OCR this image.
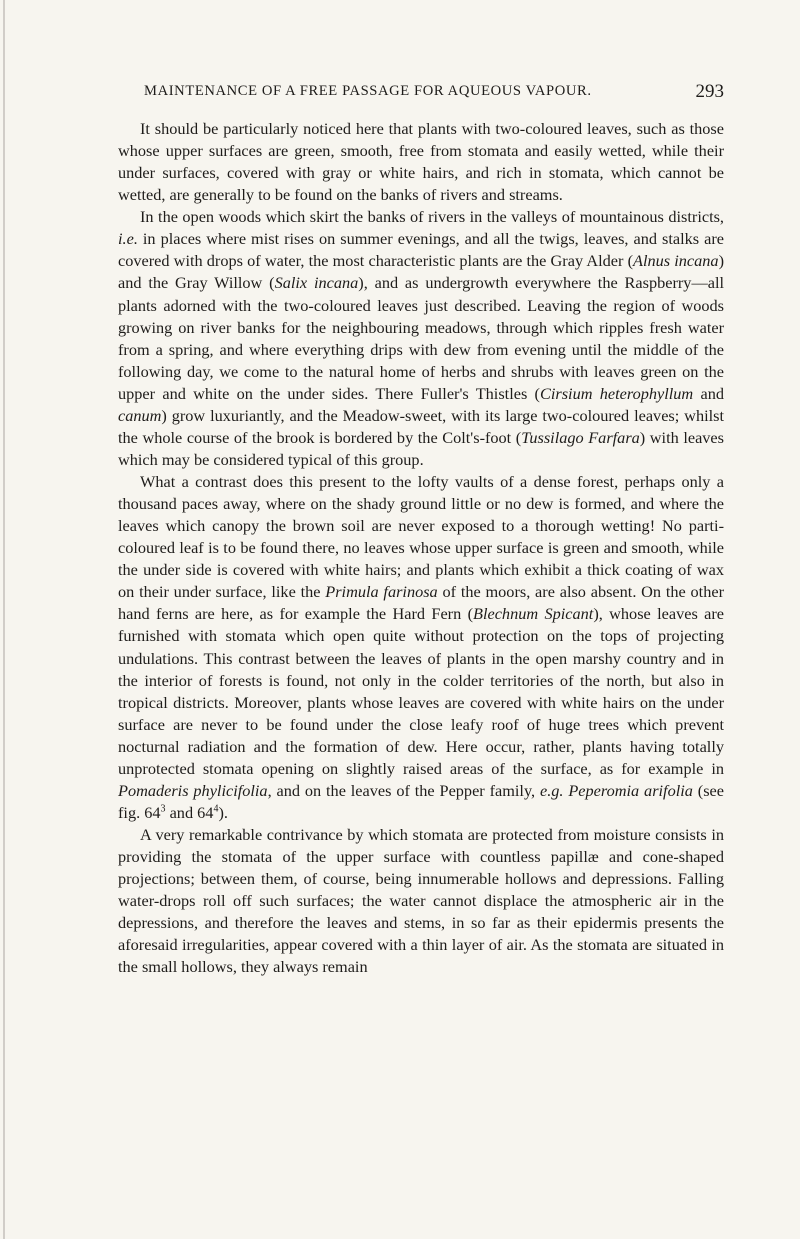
MAINTENANCE OF A FREE PASSAGE FOR AQUEOUS VAPOUR.	293

It should be particularly noticed here that plants with two-coloured leaves, such as those whose upper surfaces are green, smooth, free from stomata and easily wetted, while their under surfaces, covered with gray or white hairs, and rich in stomata, which cannot be wetted, are generally to be found on the banks of rivers and streams.

In the open woods which skirt the banks of rivers in the valleys of mountainous districts, i.e. in places where mist rises on summer evenings, and all the twigs, leaves, and stalks are covered with drops of water, the most characteristic plants are the Gray Alder (Alnus incana) and the Gray Willow (Salix incana), and as undergrowth everywhere the Raspberry—all plants adorned with the two-coloured leaves just described. Leaving the region of woods growing on river banks for the neighbouring meadows, through which ripples fresh water from a spring, and where everything drips with dew from evening until the middle of the following day, we come to the natural home of herbs and shrubs with leaves green on the upper and white on the under sides. There Fuller's Thistles (Cirsium heterophyllum and canum) grow luxuriantly, and the Meadow-sweet, with its large two-coloured leaves; whilst the whole course of the brook is bordered by the Colt's-foot (Tussilago Farfara) with leaves which may be considered typical of this group.

What a contrast does this present to the lofty vaults of a dense forest, perhaps only a thousand paces away, where on the shady ground little or no dew is formed, and where the leaves which canopy the brown soil are never exposed to a thorough wetting! No parti-coloured leaf is to be found there, no leaves whose upper surface is green and smooth, while the under side is covered with white hairs; and plants which exhibit a thick coating of wax on their under surface, like the Primula farinosa of the moors, are also absent. On the other hand ferns are here, as for example the Hard Fern (Blechnum Spicant), whose leaves are furnished with stomata which open quite without protection on the tops of projecting undulations. This contrast between the leaves of plants in the open marshy country and in the interior of forests is found, not only in the colder territories of the north, but also in tropical districts. Moreover, plants whose leaves are covered with white hairs on the under surface are never to be found under the close leafy roof of huge trees which prevent nocturnal radiation and the formation of dew. Here occur, rather, plants having totally unprotected stomata opening on slightly raised areas of the surface, as for example in Pomaderis phylicifolia, and on the leaves of the Pepper family, e.g. Peperomia arifolia (see fig. $64^3$ and $64^4$).

A very remarkable contrivance by which stomata are protected from moisture consists in providing the stomata of the upper surface with countless papillæ and cone-shaped projections; between them, of course, being innumerable hollows and depressions. Falling water-drops roll off such surfaces; the water cannot displace the atmospheric air in the depressions, and therefore the leaves and stems, in so far as their epidermis presents the aforesaid irregularities, appear covered with a thin layer of air. As the stomata are situated in the small hollows, they always remain
